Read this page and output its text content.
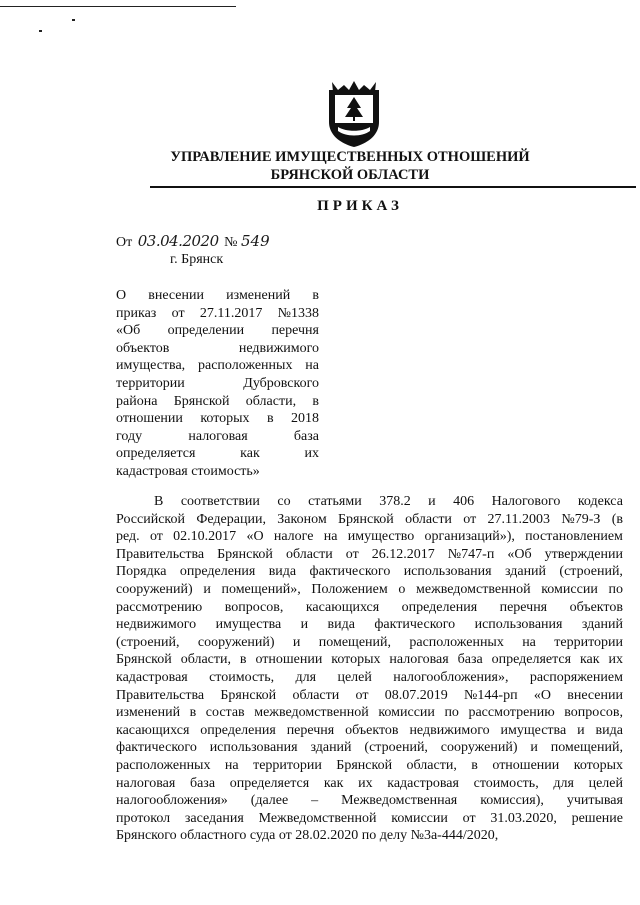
УПРАВЛЕНИЕ ИМУЩЕСТВЕННЫХ ОТНОШЕНИЙ
БРЯНСКОЙ ОБЛАСТИ
ПРИКАЗ
От 03.04.2020 № 549
г. Брянск
О внесении изменений в
приказ от 27.11.2017 №1338
«Об определении перечня
объектов	недвижимого
имущества, расположенных на
территории	Дубровского
района Брянской области, в
отношении которых в 2018
году	налоговая	база
определяется	как	их
кадастровая стоимость»
В соответствии со статьями 378.2 и 406 Налогового кодекса
Российской Федерации, Законом Брянской области от 27.11.2003 №79-З (в
ред. от 02.10.2017 «О налоге на имущество организаций»), постановлением
Правительства Брянской области от 26.12.2017 №747-п «Об утверждении
Порядка определения вида фактического использования зданий (строений,
сооружений) и помещений», Положением о межведомственной комиссии по
рассмотрению вопросов, касающихся определения перечня объектов
недвижимого имущества и вида фактического использования зданий
(строений, сооружений) и помещений, расположенных на территории
Брянской области, в отношении которых налоговая база определяется как их
кадастровая стоимость, для целей налогообложения», распоряжением
Правительства Брянской области от 08.07.2019 №144-рп «О внесении
изменений в состав межведомственной комиссии по рассмотрению вопросов,
касающихся определения перечня объектов недвижимого имущества и вида
фактического использования зданий (строений, сооружений) и помещений,
расположенных на территории Брянской области, в отношении которых
налоговая база определяется как их кадастровая стоимость, для целей
налогообложения» (далее – Межведомственная комиссия), учитывая
протокол заседания Межведомственной комиссии от 31.03.2020, решение
Брянского областного суда от 28.02.2020 по делу №3а-444/2020,
